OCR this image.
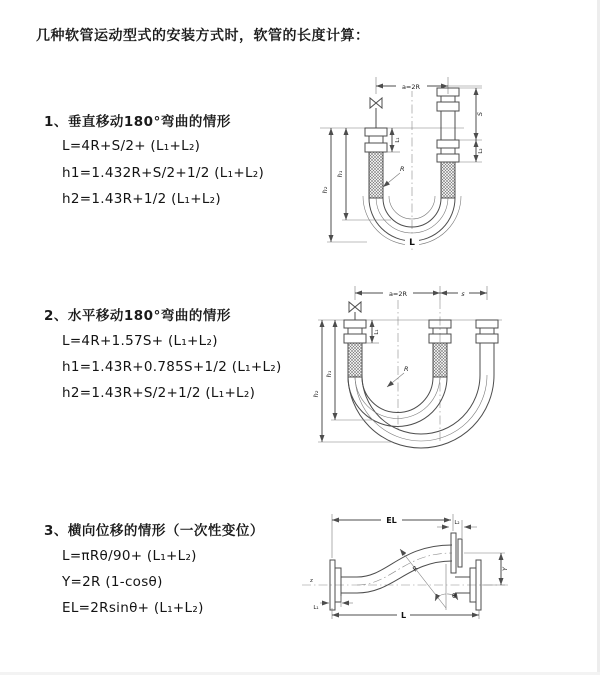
几种软管运动型式的安装方式时，软管的长度计算：
1、垂直移动180°弯曲的情形
L=4R+S/2+ (L₁+L₂)
h1=1.432R+S/2+1/2 (L₁+L₂)
h2=1.43R+1/2 (L₁+L₂)
a=2R
h₁
h₂
L₁
S
L₂
R
L
2、水平移动180°弯曲的情形
L=4R+1.57S+ (L₁+L₂)
h1=1.43R+0.785S+1/2 (L₁+L₂)
h2=1.43R+S/2+1/2 (L₁+L₂)
a=2R	s
h₁
h₂
L₁
R
3、横向位移的情形（一次性变位）
L=πRθ/90+ (L₁+L₂)
Y=2R (1-cosθ)
EL=2Rsinθ+ (L₁+L₂)
z
EL	L₂
Y
L
L₁
R
θ
